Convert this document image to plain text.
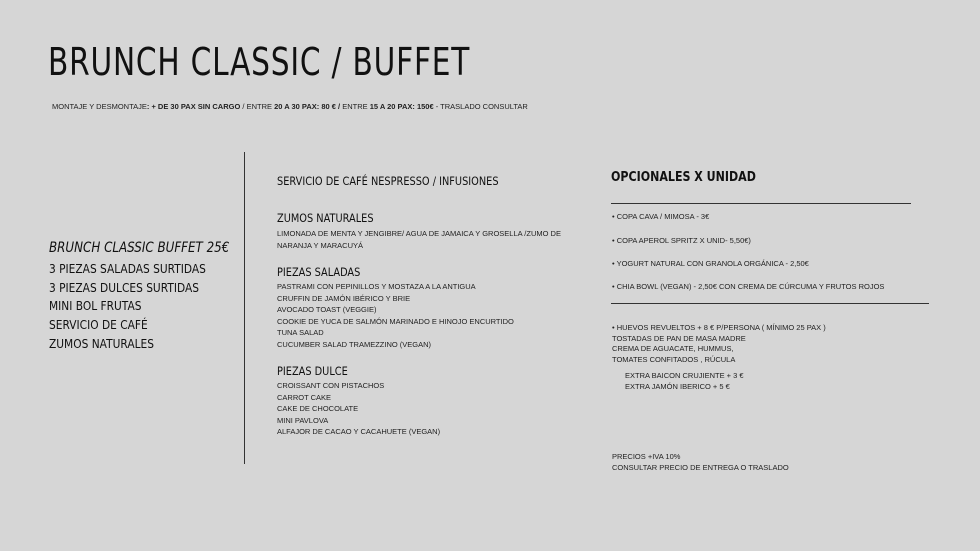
BRUNCH CLASSIC / BUFFET
MONTAJE Y DESMONTAJE: + DE 30 PAX SIN CARGO / ENTRE 20 A 30 PAX: 80 € / ENTRE 15 A 20 PAX: 150€ - TRASLADO CONSULTAR
BRUNCH CLASSIC BUFFET 25€
3 PIEZAS SALADAS SURTIDAS
3 PIEZAS DULCES SURTIDAS
MINI BOL FRUTAS
SERVICIO DE CAFÉ
ZUMOS NATURALES
SERVICIO DE CAFÉ NESPRESSO / INFUSIONES
ZUMOS NATURALES
LIMONADA DE MENTA Y JENGIBRE/ AGUA DE JAMAICA Y GROSELLA /ZUMO DE
NARANJA Y MARACUYÁ
PIEZAS SALADAS
PASTRAMI CON PEPINILLOS Y MOSTAZA A LA ANTIGUA
CRUFFIN DE JAMÓN IBÉRICO Y BRIE
AVOCADO TOAST (VEGGIE)
COOKIE DE YUCA DE SALMÓN MARINADO E HINOJO ENCURTIDO
TUNA SALAD
CUCUMBER SALAD TRAMEZZINO (VEGAN)
PIEZAS DULCE
CROISSANT CON PISTACHOS
CARROT CAKE
CAKE DE CHOCOLATE
MINI PAVLOVA
ALFAJOR DE CACAO Y CACAHUETE (VEGAN)
OPCIONALES X UNIDAD
• COPA CAVA / MIMOSA - 3€
• COPA APEROL SPRITZ X UNID- 5,50€)
• YOGURT NATURAL CON GRANOLA ORGÁNICA - 2,50€
• CHIA BOWL (VEGAN) - 2,50€ CON CREMA DE CÚRCUMA Y FRUTOS ROJOS
• HUEVOS REVUELTOS + 8 € P/PERSONA ( MÍNIMO 25 PAX )
TOSTADAS DE PAN DE MASA MADRE
CREMA DE AGUACATE, HUMMUS,
TOMATES CONFITADOS , RÚCULA
EXTRA BAICON CRUJIENTE + 3 €
EXTRA JAMÓN IBERICO + 5 €
PRECIOS +IVA 10%
CONSULTAR PRECIO DE ENTREGA O TRASLADO
